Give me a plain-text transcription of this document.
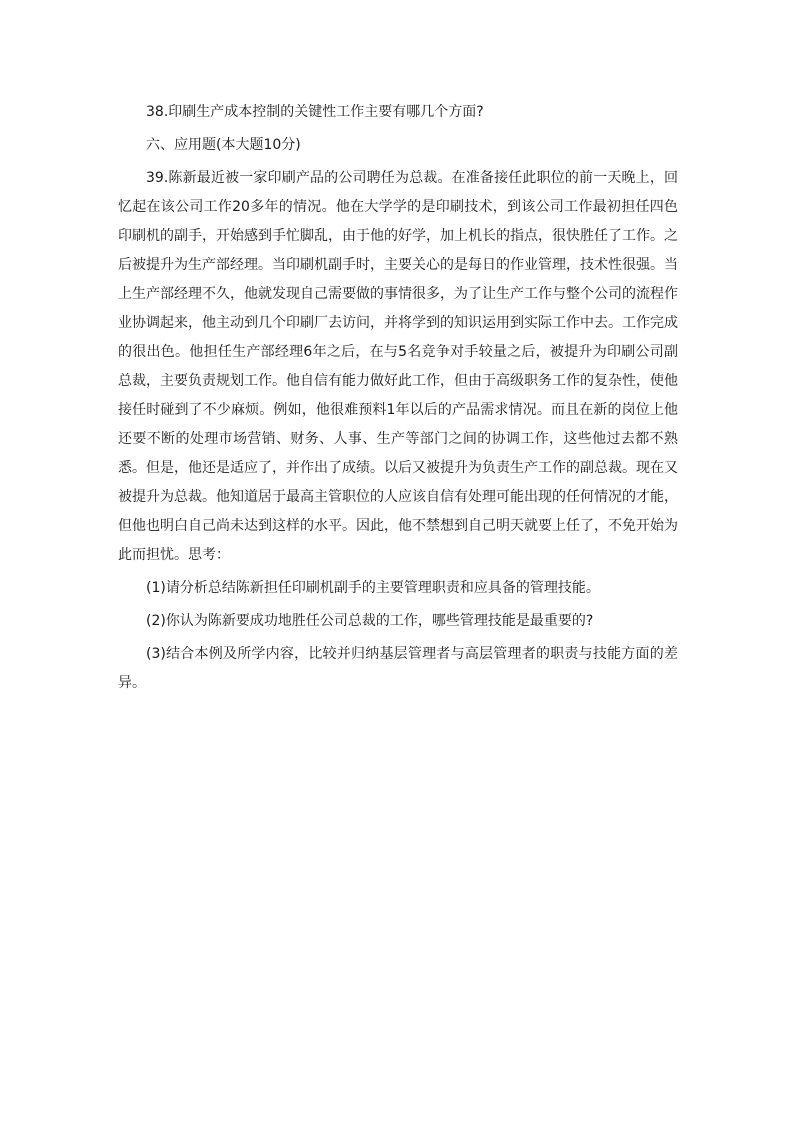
38.印刷生产成本控制的关键性工作主要有哪几个方面?

六、应用题(本大题10分)

39.陈新最近被一家印刷产品的公司聘任为总裁。在准备接任此职位的前一天晚上，回忆起在该公司工作20多年的情况。他在大学学的是印刷技术，到该公司工作最初担任四色印刷机的副手，开始感到手忙脚乱，由于他的好学，加上机长的指点，很快胜任了工作。之后被提升为生产部经理。当印刷机副手时，主要关心的是每日的作业管理，技术性很强。当上生产部经理不久，他就发现自己需要做的事情很多，为了让生产工作与整个公司的流程作业协调起来，他主动到几个印刷厂去访问，并将学到的知识运用到实际工作中去。工作完成的很出色。他担任生产部经理6年之后，在与5名竞争对手较量之后，被提升为印刷公司副总裁，主要负责规划工作。他自信有能力做好此工作，但由于高级职务工作的复杂性，使他接任时碰到了不少麻烦。例如，他很难预料1年以后的产品需求情况。而且在新的岗位上他还要不断的处理市场营销、财务、人事、生产等部门之间的协调工作，这些他过去都不熟悉。但是，他还是适应了，并作出了成绩。以后又被提升为负责生产工作的副总裁。现在又被提升为总裁。他知道居于最高主管职位的人应该自信有处理可能出现的任何情况的才能，但他也明白自己尚未达到这样的水平。因此，他不禁想到自己明天就要上任了，不免开始为此而担忧。思考：

(1)请分析总结陈新担任印刷机副手的主要管理职责和应具备的管理技能。

(2)你认为陈新要成功地胜任公司总裁的工作，哪些管理技能是最重要的?

(3)结合本例及所学内容，比较并归纳基层管理者与高层管理者的职责与技能方面的差异。
